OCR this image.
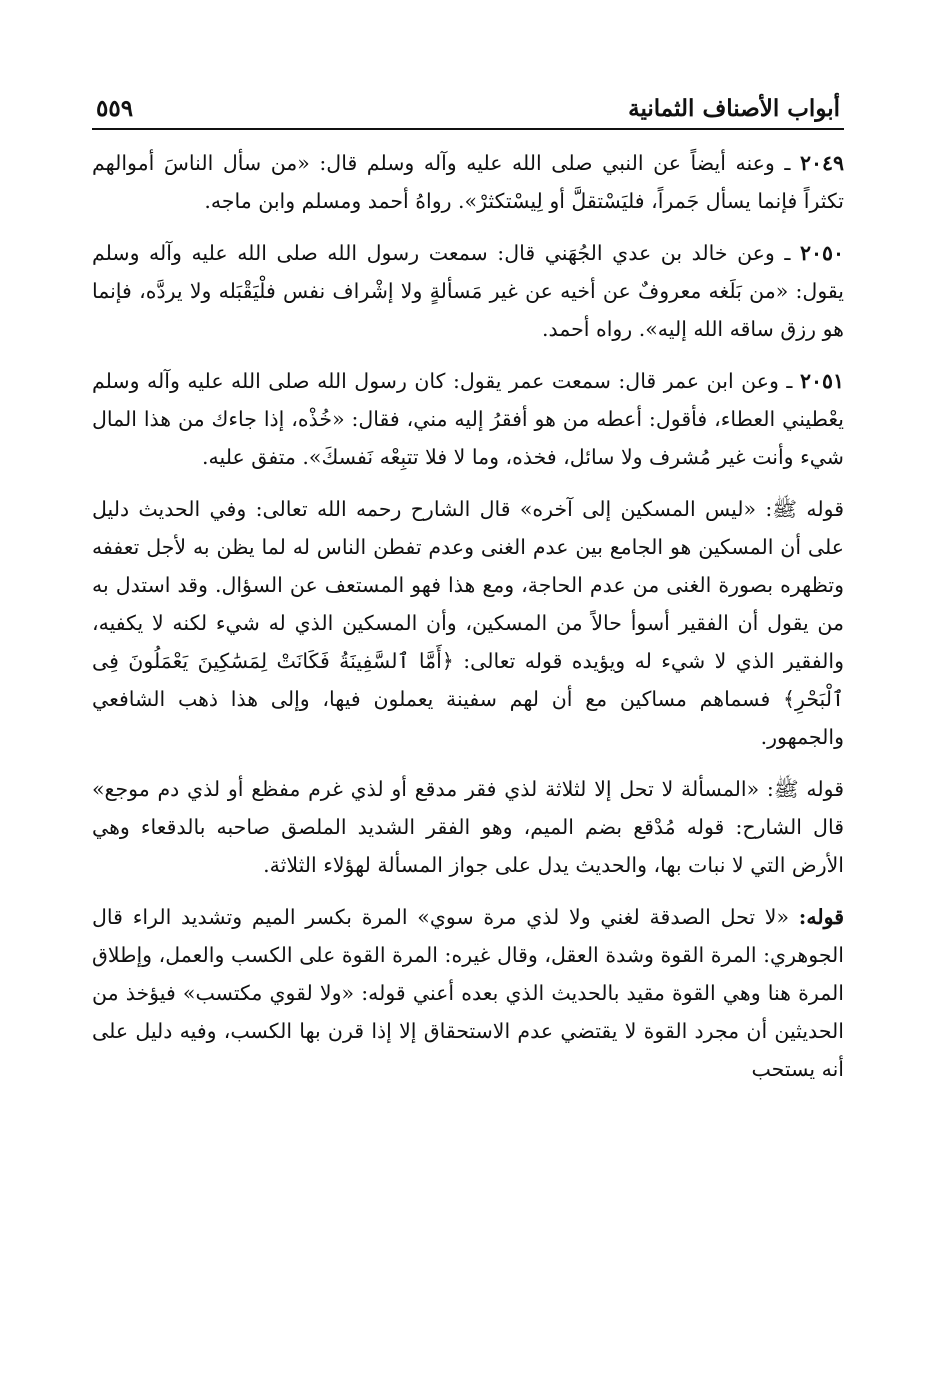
أبواب الأصناف الثمانية
٥٥٩

٢٠٤٩ ـ وعنه أيضاً عن النبي صلى الله عليه وآله وسلم قال: «من سأل الناسَ أموالهم تكثراً فإنما يسأل جَمراً، فليَسْتقلَّ أو لِيسْتكثرْ». رواهُ أحمد ومسلم وابن ماجه.

٢٠٥٠ ـ وعن خالد بن عدي الجُهَني قال: سمعت رسول الله صلى الله عليه وآله وسلم يقول: «من بَلَغه معروفٌ عن أخيه عن غير مَسألةٍ ولا إشْراف نفس فلْيَقْبَله ولا يردَّه، فإنما هو رزق ساقه الله إليه». رواه أحمد.

٢٠٥١ ـ وعن ابن عمر قال: سمعت عمر يقول: كان رسول الله صلى الله عليه وآله وسلم يعْطيني العطاء، فأقول: أعطه من هو أفقرُ إليه مني، فقال: «خُذْه، إذا جاءك من هذا المال شيء وأنت غير مُشرف ولا سائل، فخذه، وما لا فلا تتبِعْه نَفسكَ». متفق عليه.

قوله ﷺ: «ليس المسكين إلى آخره» قال الشارح رحمه الله تعالى: وفي الحديث دليل على أن المسكين هو الجامع بين عدم الغنى وعدم تفطن الناس له لما يظن به لأجل تعففه وتظهره بصورة الغنى من عدم الحاجة، ومع هذا فهو المستعف عن السؤال. وقد استدل به من يقول أن الفقير أسوأ حالاً من المسكين، وأن المسكين الذي له شيء لكنه لا يكفيه، والفقير الذي لا شيء له ويؤيده قوله تعالى: ﴿أَمَّا ٱلسَّفِينَةُ فَكَانَتْ لِمَسَٰكِينَ يَعْمَلُونَ فِى ٱلْبَحْرِ﴾ فسماهم مساكين مع أن لهم سفينة يعملون فيها، وإلى هذا ذهب الشافعي والجمهور.

قوله ﷺ: «المسألة لا تحل إلا لثلاثة لذي فقر مدقع أو لذي غرم مفظع أو لذي دم موجع» قال الشارح: قوله مُدْقع بضم الميم، وهو الفقر الشديد الملصق صاحبه بالدقعاء وهي الأرض التي لا نبات بها، والحديث يدل على جواز المسألة لهؤلاء الثلاثة.

قوله: «لا تحل الصدقة لغني ولا لذي مرة سوي» المرة بكسر الميم وتشديد الراء قال الجوهري: المرة القوة وشدة العقل، وقال غيره: المرة القوة على الكسب والعمل، وإطلاق المرة هنا وهي القوة مقيد بالحديث الذي بعده أعني قوله: «ولا لقوي مكتسب» فيؤخذ من الحديثين أن مجرد القوة لا يقتضي عدم الاستحقاق إلا إذا قرن بها الكسب، وفيه دليل على أنه يستحب
